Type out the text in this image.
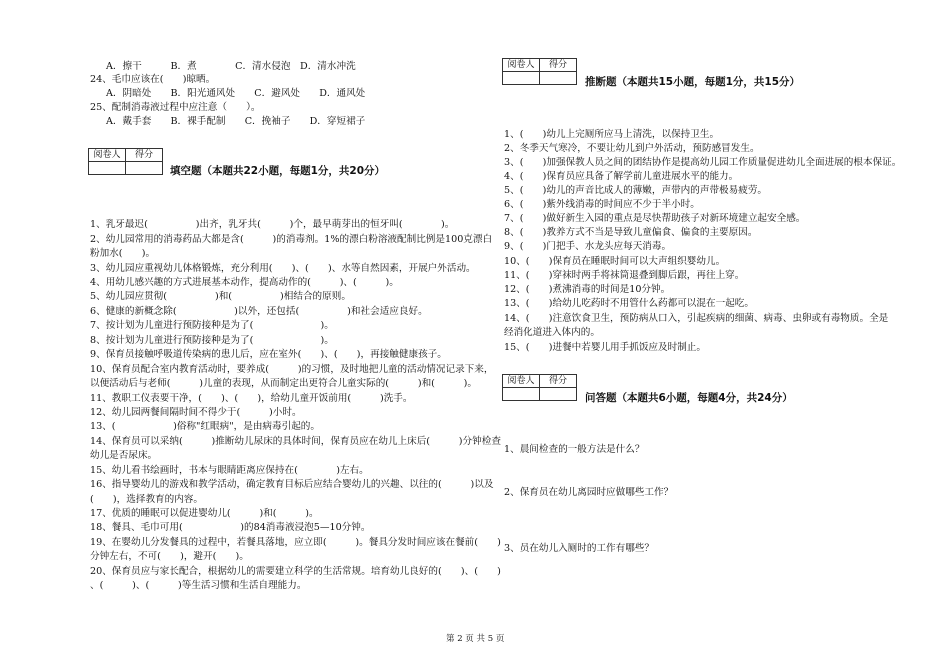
A．擦干　　　B．煮　　　　C．清水侵泡　D．清水冲洗
24、毛巾应该在(　　)晾晒。
A．阴暗处　　B．阳光通风处　　C．避风处　　D．通风处
25、配制消毒液过程中应注意（　　）。
A．戴手套　　B．裸手配制　　C．挽袖子　　D．穿短裙子
阅卷人	得分

填空题（本题共22小题，每题1分，共20分）
1、乳牙最迟(　　　　　)出齐，乳牙共(　　　)个，最早萌芽出的恒牙叫(　　　　)。
2、幼儿园常用的消毒药品大都是含(　　　)的消毒剂。1%的漂白粉溶液配制比例是100克漂白
粉加水(　　)。
3、幼儿园应重视幼儿体格锻炼，充分利用(　　)、(　　)、水等自然因素，开展户外活动。
4、用幼儿感兴趣的方式进展基本动作，提高动作的(　　　)、(　　　)。
5、幼儿园应贯彻(　　　　　)和(　　　　　)相结合的原则。
6、健康的新概念除(　　　　　　)以外，还包括(　　　　　)和社会适应良好。
7、按计划为儿童进行预防接种是为了(　　　　　　　)。
8、按计划为儿童进行预防接种是为了(　　　　　　　)。
9、保育员接触呼吸道传染病的患儿后，应在室外(　　)、(　　)，再接触健康孩子。
10、保育员配合室内教育活动时，要养成(　　　)的习惯，及时地把儿童的活动情况记录下来，
以便活动后与老师(　　　)儿童的表现，从而制定出更符合儿童实际的(　　　)和(　　　)。
11、教职工仪表要干净，(　　)、(　　)，给幼儿童开饭前用(　　　)洗手。
12、幼儿园两餐间隔时间不得少于(　　　)小时。
13、(　　　　　　)俗称"红眼病"，是由病毒引起的。
14、保育员可以采纳(　　　)推断幼儿尿床的具体时间，保育员应在幼儿上床后(　　　)分钟检查
幼儿是否尿床。
15、幼儿看书绘画时，书本与眼睛距离应保持在(　　　　)左右。
16、指导婴幼儿的游戏和教学活动，确定教育目标后应结合婴幼儿的兴趣、以往的(　　　)以及
(　　)，选择教育的内容。
17、优质的睡眠可以促进婴幼儿(　　　)和(　　　)。
18、餐具、毛巾可用(　　　　　　)的84消毒液浸泡5—10分钟。
19、在婴幼儿分发餐具的过程中，若餐具落地，应立即(　　　)。餐具分发时间应该在餐前(　　)
分钟左右，不可(　　)，避开(　　)。
20、保育员应与家长配合，根据幼儿的需要建立科学的生活常规。培育幼儿良好的(　　)、(　　)
、(　　　)、(　　　)等生活习惯和生活自理能力。
阅卷人	得分

推断题（本题共15小题，每题1分，共15分）
1、(　　)幼儿上完厕所应马上清洗，以保持卫生。
2、冬季天气寒冷，不要让幼儿到户外活动，预防感冒发生。
3、(　　)加强保教人员之间的团结协作是提高幼儿园工作质量促进幼儿全面进展的根本保证。
4、(　　)保育员应具备了解学前儿童进展水平的能力。
5、(　　)幼儿的声音比成人的薄嫩，声带内的声带极易疲劳。
6、(　　)紫外线消毒的时间应不少于半小时。
7、(　　)做好新生入园的重点是尽快帮助孩子对新环境建立起安全感。
8、(　　)教养方式不当是导致儿童偏食、偏食的主要原因。
9、(　　)门把手、水龙头应每天消毒。
10、(　　)保育员在睡眠时间可以大声组织婴幼儿。
11、(　　)穿袜时两手将袜筒退叠到脚后跟，再往上穿。
12、(　　)煮沸消毒的时间是10分钟。
13、(　　)给幼儿吃药时不用管什么药都可以混在一起吃。
14、(　　)注意饮食卫生，预防病从口入，引起疾病的细菌、病毒、虫卵或有毒物质。全是
经消化道进入体内的。
15、(　　)进餐中若婴儿用手抓饭应及时制止。
阅卷人	得分

问答题（本题共6小题，每题4分，共24分）
1、晨间检查的一般方法是什么？
2、保育员在幼儿离园时应做哪些工作？
3、员在幼儿入厕时的工作有哪些？
第 2 页 共 5 页
